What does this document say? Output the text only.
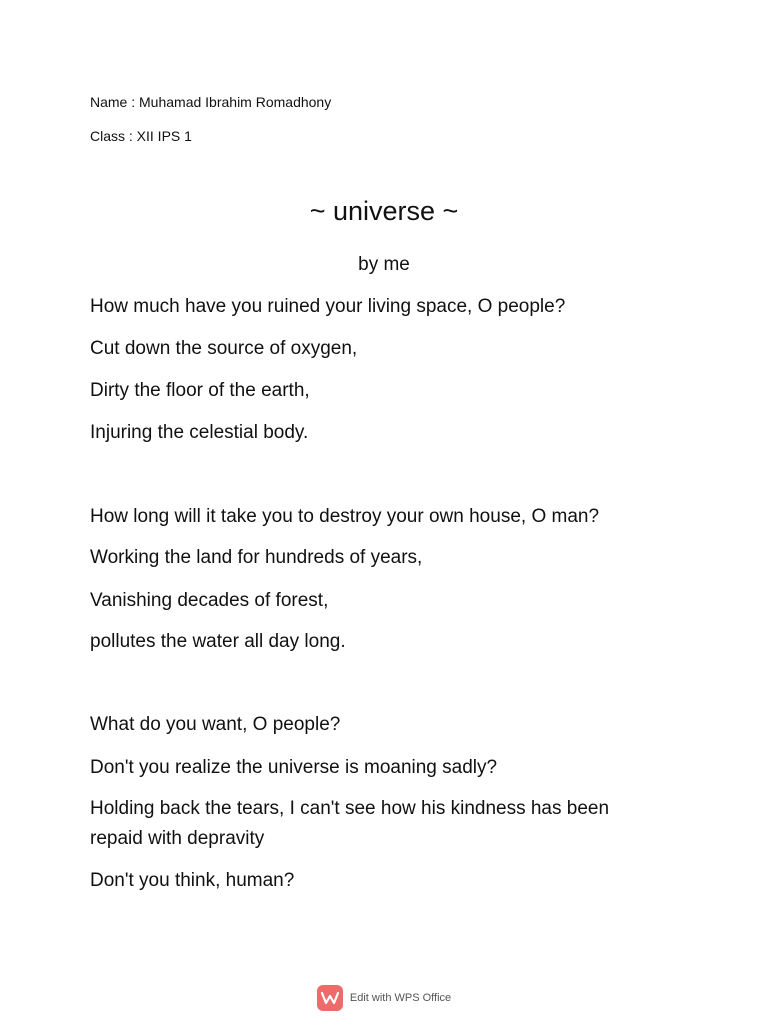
Name : Muhamad Ibrahim Romadhony
Class : XII IPS 1
~ universe ~
by me
How much have you ruined your living space, O people?
Cut down the source of oxygen,
Dirty the floor of the earth,
Injuring the celestial body.
How long will it take you to destroy your own house, O man?
Working the land for hundreds of years,
Vanishing decades of forest,
pollutes the water all day long.
What do you want, O people?
Don't you realize the universe is moaning sadly?
Holding back the tears, I can't see how his kindness has been repaid with depravity
Don't you think, human?
Edit with WPS Office
